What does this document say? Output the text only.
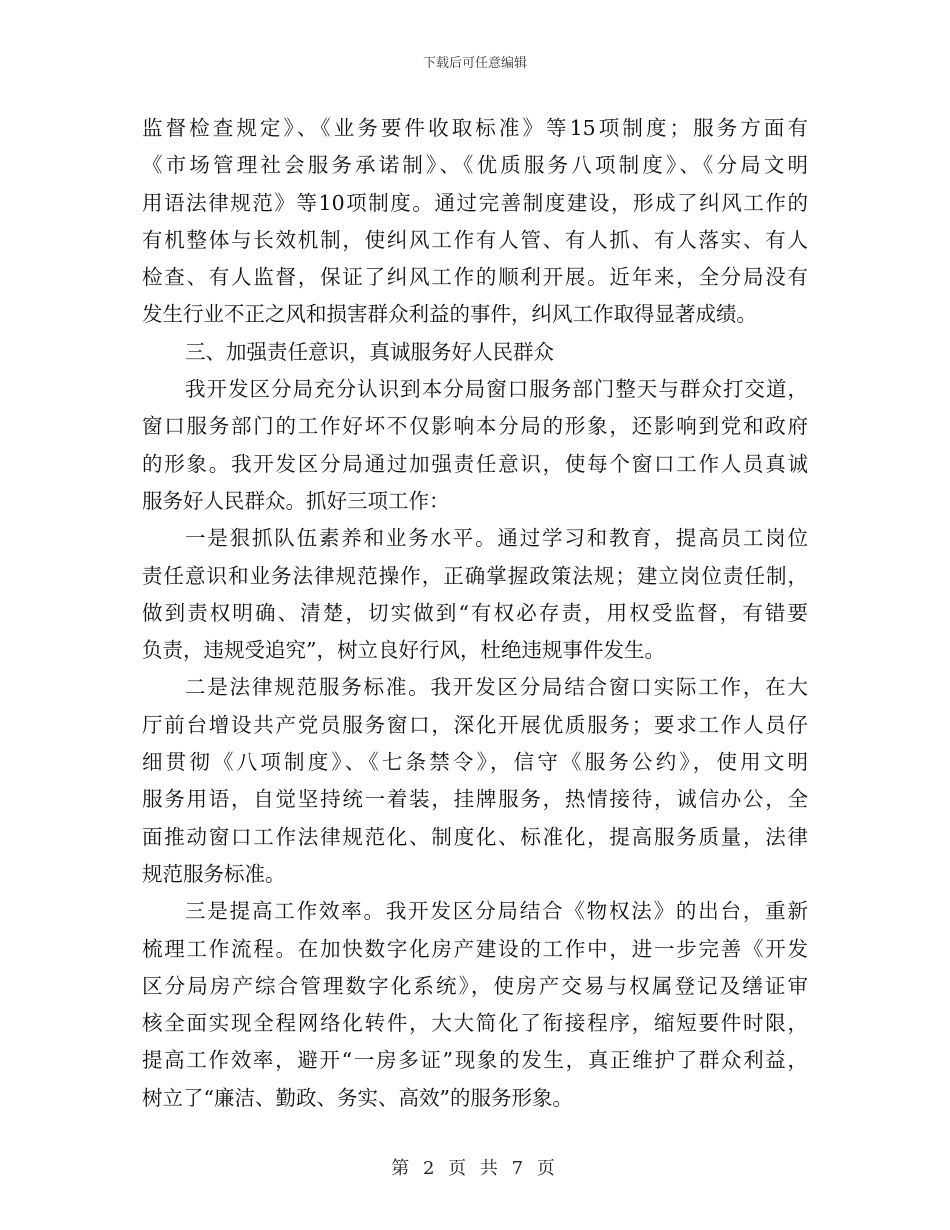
下载后可任意编辑
监督检查规定》、《业务要件收取标准》等15项制度；服务方面有
《市场管理社会服务承诺制》、《优质服务八项制度》、《分局文明
用语法律规范》等10项制度。通过完善制度建设，形成了纠风工作的
有机整体与长效机制，使纠风工作有人管、有人抓、有人落实、有人
检查、有人监督，保证了纠风工作的顺利开展。近年来，全分局没有
发生行业不正之风和损害群众利益的事件，纠风工作取得显著成绩。
三、加强责任意识，真诚服务好人民群众
我开发区分局充分认识到本分局窗口服务部门整天与群众打交道，
窗口服务部门的工作好坏不仅影响本分局的形象，还影响到党和政府
的形象。我开发区分局通过加强责任意识，使每个窗口工作人员真诚
服务好人民群众。抓好三项工作：
一是狠抓队伍素养和业务水平。通过学习和教育，提高员工岗位
责任意识和业务法律规范操作，正确掌握政策法规；建立岗位责任制，
做到责权明确、清楚，切实做到“有权必存责，用权受监督，有错要
负责，违规受追究”，树立良好行风，杜绝违规事件发生。
二是法律规范服务标准。我开发区分局结合窗口实际工作，在大
厅前台增设共产党员服务窗口，深化开展优质服务；要求工作人员仔
细贯彻《八项制度》、《七条禁令》，信守《服务公约》，使用文明
服务用语，自觉坚持统一着装，挂牌服务，热情接待，诚信办公，全
面推动窗口工作法律规范化、制度化、标准化，提高服务质量，法律
规范服务标准。
三是提高工作效率。我开发区分局结合《物权法》的出台，重新
梳理工作流程。在加快数字化房产建设的工作中，进一步完善《开发
区分局房产综合管理数字化系统》，使房产交易与权属登记及缮证审
核全面实现全程网络化转件，大大简化了衔接程序，缩短要件时限，
提高工作效率，避开“一房多证”现象的发生，真正维护了群众利益，
树立了“廉洁、勤政、务实、高效”的服务形象。
第 2 页 共 7 页
